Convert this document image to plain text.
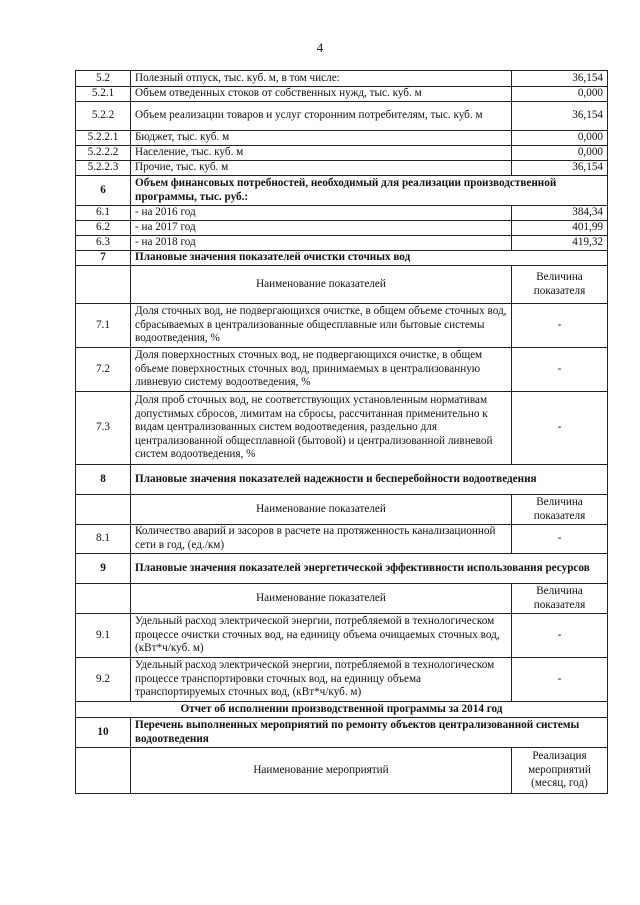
4
5.2	Полезный отпуск, тыс. куб. м, в том числе:	36,154
5.2.1	Объем отведенных стоков от собственных нужд, тыс. куб. м	0,000
5.2.2	Объем реализации товаров и услуг сторонним потребителям, тыс. куб. м	36,154
5.2.2.1	Бюджет, тыс. куб. м	0,000
5.2.2.2	Население, тыс. куб. м	0,000
5.2.2.3	Прочие, тыс. куб. м	36,154
6	Объем финансовых потребностей, необходимый для реализации производственной программы, тыс. руб.:	
6.1	- на 2016 год	384,34
6.2	- на 2017 год	401,99
6.3	- на 2018 год	419,32
7	Плановые значения показателей очистки сточных вод	
	Наименование показателей	Величина показателя
7.1	Доля сточных вод, не подвергающихся очистке, в общем объеме сточных вод, сбрасываемых в централизованные общесплавные или бытовые системы водоотведения, %	-
7.2	Доля поверхностных сточных вод, не подвергающихся очистке, в общем объеме поверхностных сточных вод, принимаемых в централизованную ливневую систему водоотведения, %	-
7.3	Доля проб сточных вод, не соответствующих установленным нормативам допустимых сбросов, лимитам на сбросы, рассчитанная применительно к видам централизованных систем водоотведения, раздельно для централизованной общесплавной (бытовой) и централизованной ливневой систем водоотведения, %	-
8	Плановые значения показателей надежности и бесперебойности водоотведения	
	Наименование показателей	Величина показателя
8.1	Количество аварий и засоров в расчете на протяженность канализационной сети в год, (ед./км)	-
9	Плановые значения показателей энергетической эффективности использования ресурсов	
	Наименование показателей	Величина показателя
9.1	Удельный расход электрической энергии, потребляемой в технологическом процессе очистки сточных вод, на единицу объема очищаемых сточных вод, (кВт*ч/куб. м)	-
9.2	Удельный расход электрической энергии, потребляемой в технологическом процессе транспортировки сточных вод, на единицу объема транспортируемых сточных вод, (кВт*ч/куб. м)	-
Отчет об исполнении производственной программы за 2014 год		
10	Перечень выполненных мероприятий по ремонту объектов централизованной системы водоотведения	
	Наименование мероприятий	Реализация мероприятий (месяц, год)
